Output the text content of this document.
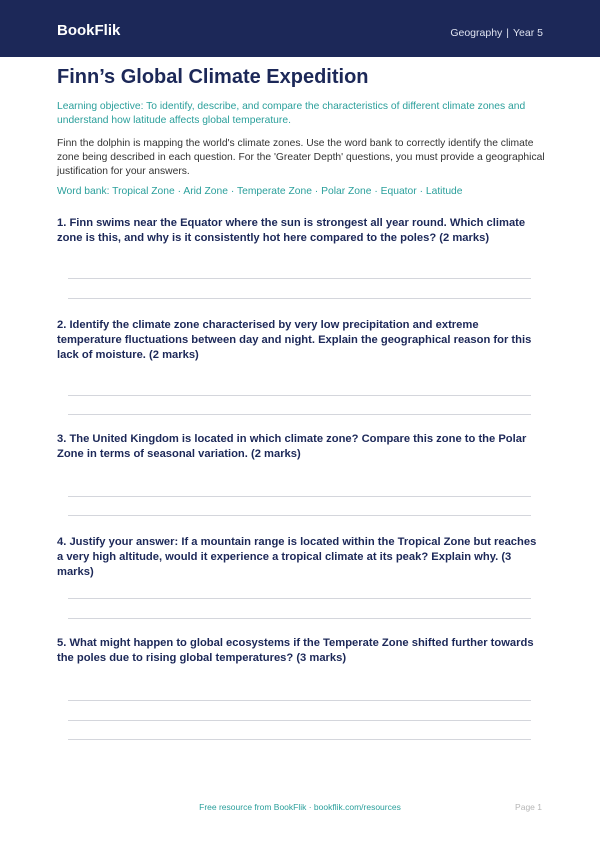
BookFlik	Geography | Year 5
Finn’s Global Climate Expedition

Learning objective: To identify, describe, and compare the characteristics of different climate zones and understand how latitude affects global temperature.

Finn the dolphin is mapping the world's climate zones. Use the word bank to correctly identify the climate zone being described in each question. For the 'Greater Depth' questions, you must provide a geographical justification for your answers.

Word bank: Tropical Zone · Arid Zone · Temperate Zone · Polar Zone · Equator · Latitude

1. Finn swims near the Equator where the sun is strongest all year round. Which climate zone is this, and why is it consistently hot here compared to the poles? (2 marks)

2. Identify the climate zone characterised by very low precipitation and extreme temperature fluctuations between day and night. Explain the geographical reason for this lack of moisture. (2 marks)

3. The United Kingdom is located in which climate zone? Compare this zone to the Polar Zone in terms of seasonal variation. (2 marks)

4. Justify your answer: If a mountain range is located within the Tropical Zone but reaches a very high altitude, would it experience a tropical climate at its peak? Explain why. (3 marks)

5. What might happen to global ecosystems if the Temperate Zone shifted further towards the poles due to rising global temperatures? (3 marks)

Free resource from BookFlik · bookflik.com/resources	Page 1
